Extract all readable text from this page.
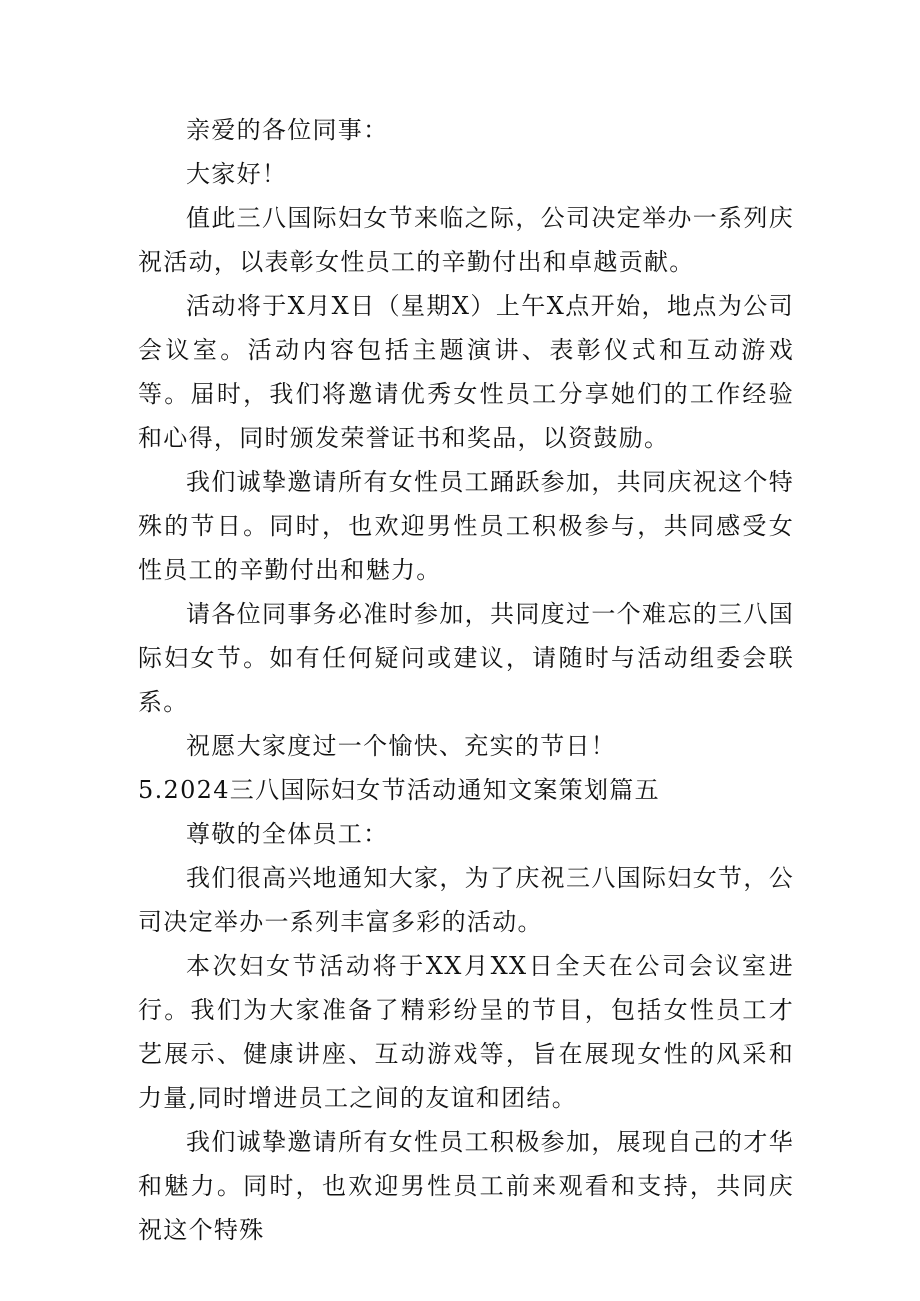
亲爱的各位同事：

大家好！

值此三八国际妇女节来临之际，公司决定举办一系列庆祝活动，以表彰女性员工的辛勤付出和卓越贡献。

活动将于X月X日（星期X）上午X点开始，地点为公司会议室。活动内容包括主题演讲、表彰仪式和互动游戏等。届时，我们将邀请优秀女性员工分享她们的工作经验和心得，同时颁发荣誉证书和奖品，以资鼓励。

我们诚挚邀请所有女性员工踊跃参加，共同庆祝这个特殊的节日。同时，也欢迎男性员工积极参与，共同感受女性员工的辛勤付出和魅力。

请各位同事务必准时参加，共同度过一个难忘的三八国际妇女节。如有任何疑问或建议，请随时与活动组委会联系。

祝愿大家度过一个愉快、充实的节日！

5.2024三八国际妇女节活动通知文案策划篇五

尊敬的全体员工：

我们很高兴地通知大家，为了庆祝三八国际妇女节，公司决定举办一系列丰富多彩的活动。

本次妇女节活动将于XX月XX日全天在公司会议室进行。我们为大家准备了精彩纷呈的节目，包括女性员工才艺展示、健康讲座、互动游戏等，旨在展现女性的风采和力量,同时增进员工之间的友谊和团结。

我们诚挚邀请所有女性员工积极参加，展现自己的才华和魅力。同时，也欢迎男性员工前来观看和支持，共同庆祝这个特殊
